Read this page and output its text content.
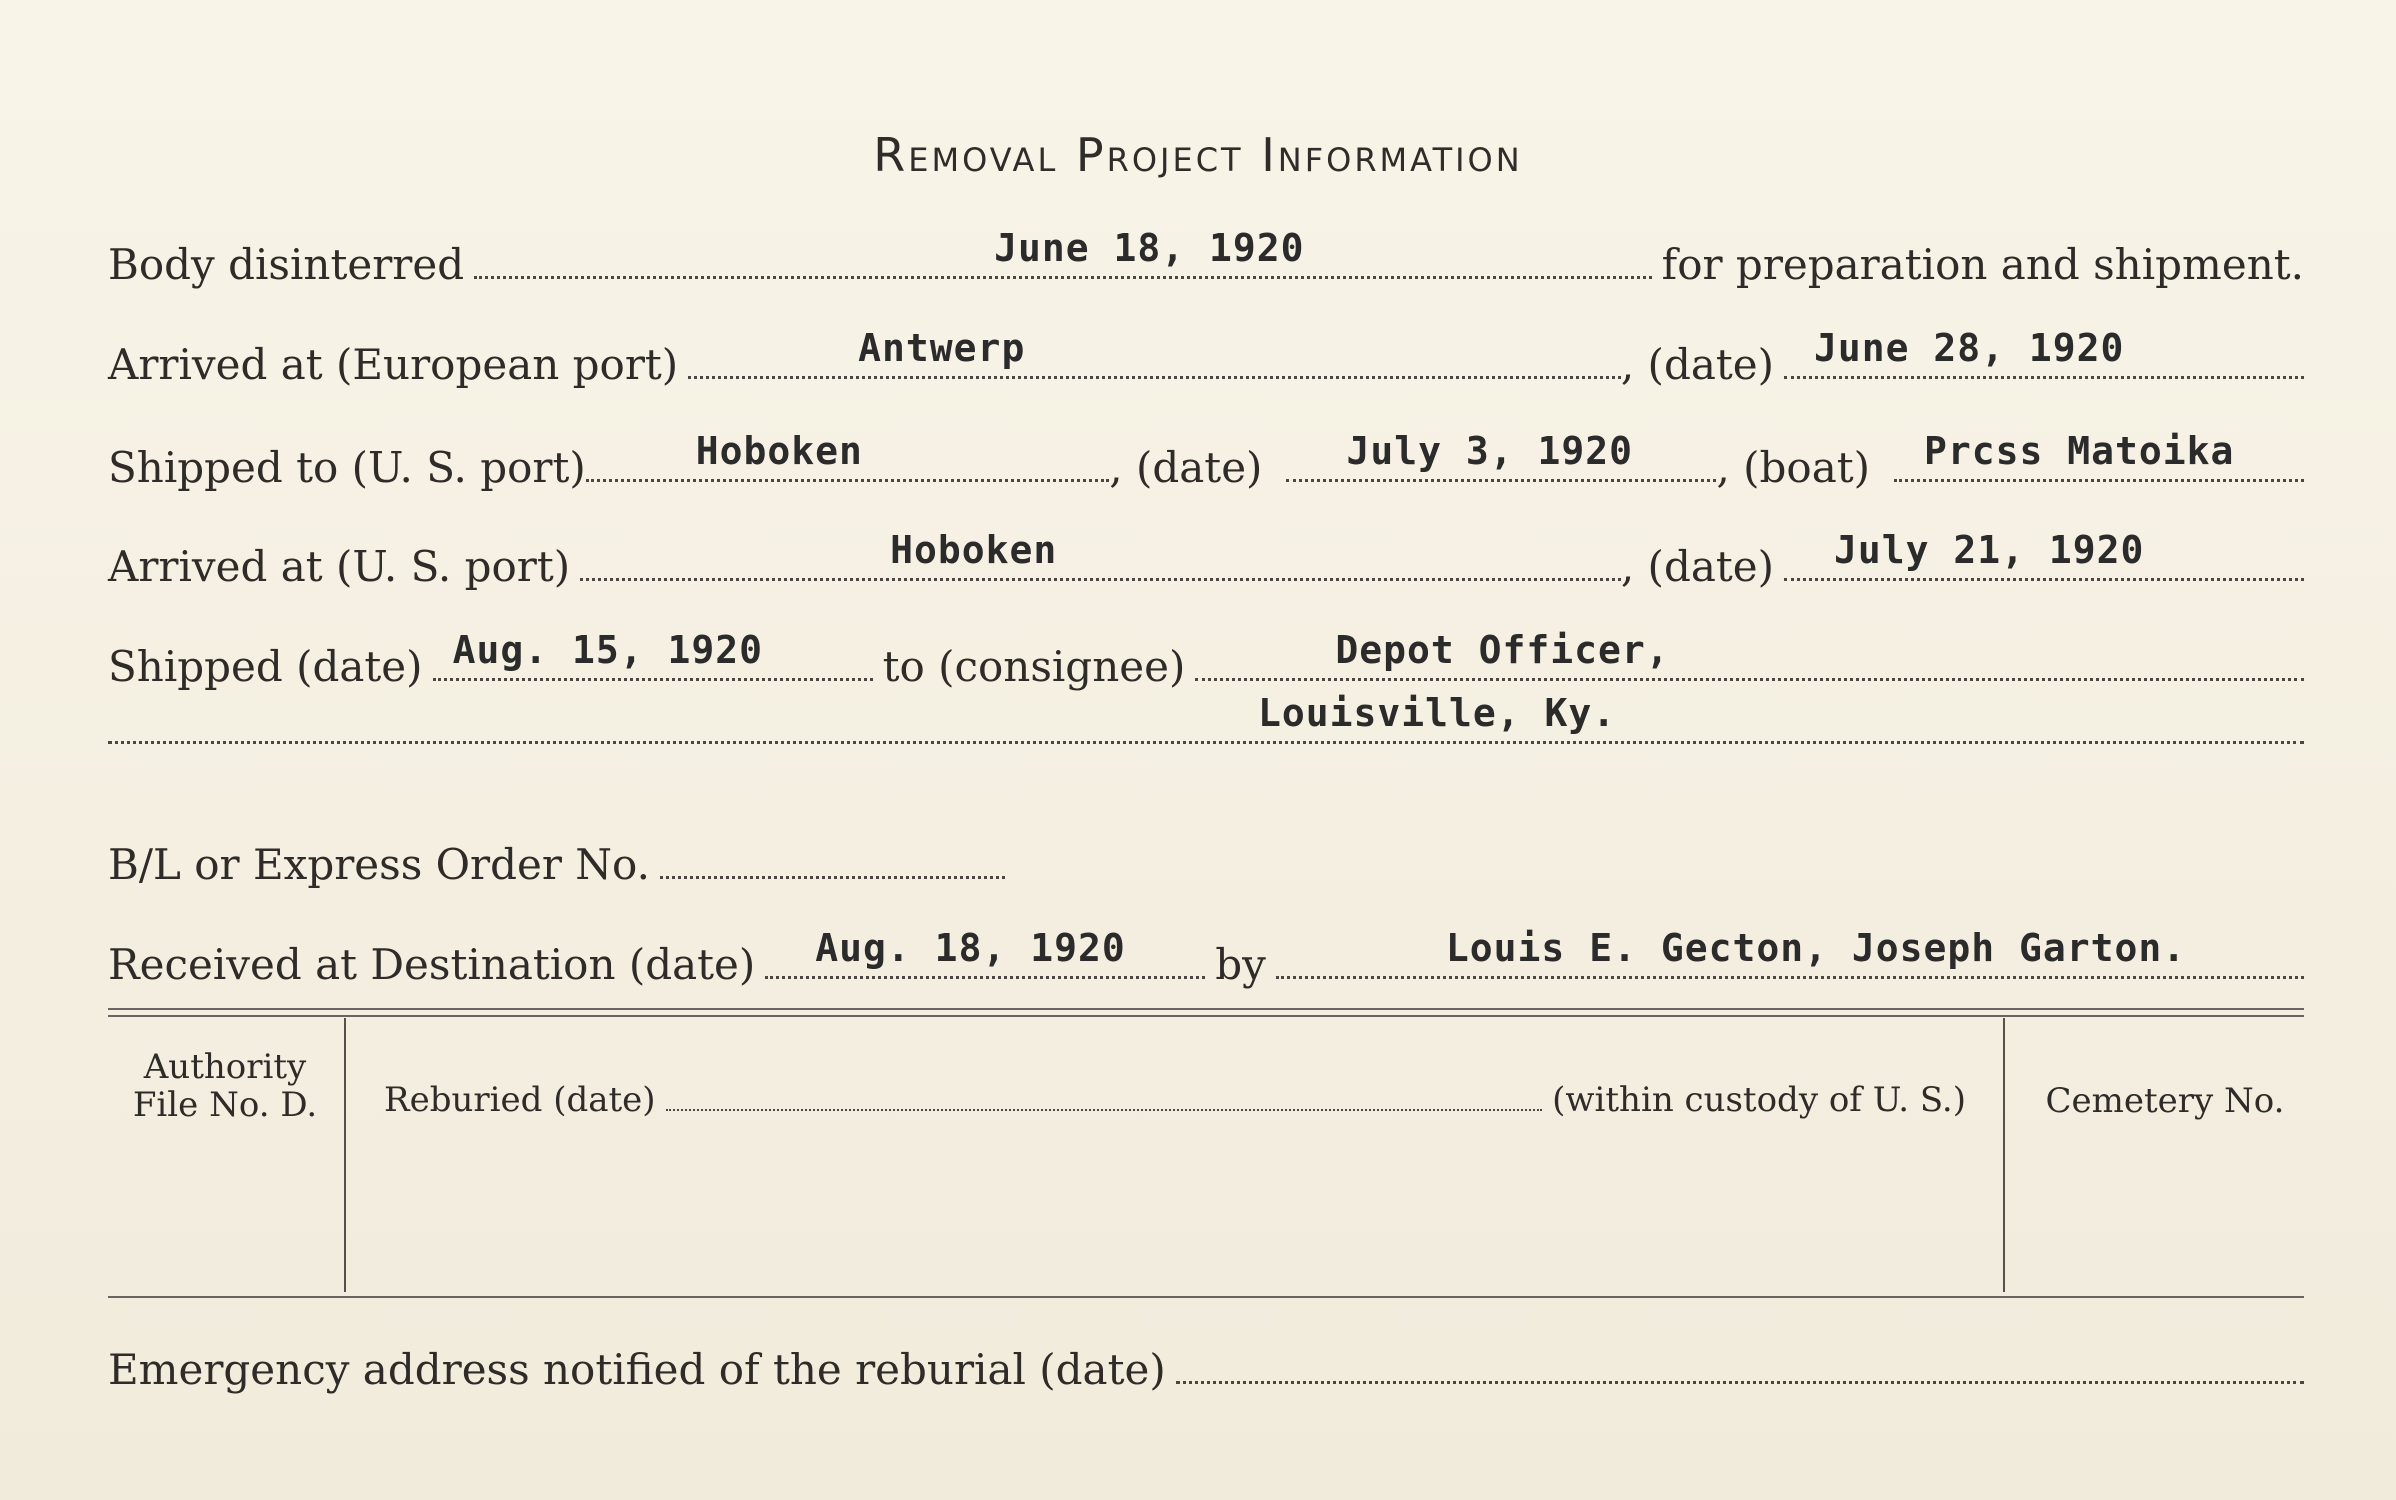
Removal Project Information
Body disinterred	June 18, 1920	for preparation and shipment.
Arrived at (European port)	Antwerp	, (date) June 28, 1920
Shipped to (U. S. port)	Hoboken	, (date) July 3, 1920 , (boat) Prcss Matoika
Arrived at (U. S. port)	Hoboken	, (date) July 21, 1920
Shipped (date) Aug. 15, 1920	to (consignee)	Depot Officer,
Louisville, Ky.
B/L or Express Order No.
Received at Destination (date) Aug. 18, 1920 by	Louis E. Gecton, Joseph Garton.
Authority
File No. D.	Reburied (date)	(within custody of U. S.)	Cemetery No.
Emergency address notified of the reburial (date)
